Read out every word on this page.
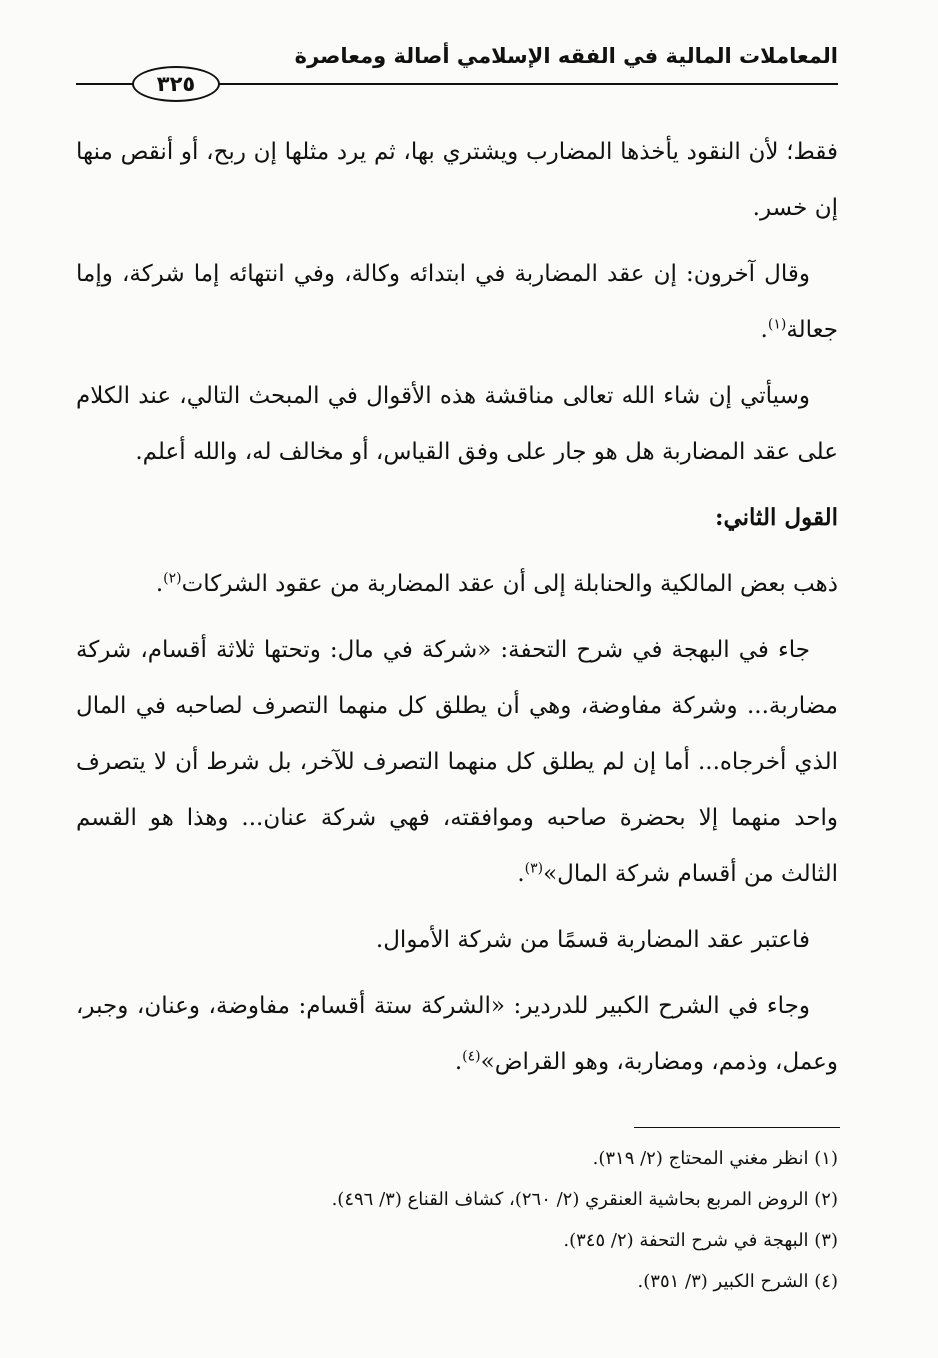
المعاملات المالية في الفقه الإسلامي أصالة ومعاصرة
٣٢٥

فقط؛ لأن النقود يأخذها المضارب ويشتري بها، ثم يرد مثلها إن ربح، أو أنقص منها إن خسر.

وقال آخرون: إن عقد المضاربة في ابتدائه وكالة، وفي انتهائه إما شركة، وإما جعالة$^{(١)}$.

وسيأتي إن شاء الله تعالى مناقشة هذه الأقوال في المبحث التالي، عند الكلام على عقد المضاربة هل هو جار على وفق القياس، أو مخالف له، والله أعلم.

القول الثاني:

ذهب بعض المالكية والحنابلة إلى أن عقد المضاربة من عقود الشركات$^{(٢)}$.

جاء في البهجة في شرح التحفة: «شركة في مال: وتحتها ثلاثة أقسام، شركة مضاربة... وشركة مفاوضة، وهي أن يطلق كل منهما التصرف لصاحبه في المال الذي أخرجاه... أما إن لم يطلق كل منهما التصرف للآخر، بل شرط أن لا يتصرف واحد منهما إلا بحضرة صاحبه وموافقته، فهي شركة عنان... وهذا هو القسم الثالث من أقسام شركة المال»$^{(٣)}$.

فاعتبر عقد المضاربة قسمًا من شركة الأموال.

وجاء في الشرح الكبير للدردير: «الشركة ستة أقسام: مفاوضة، وعنان، وجبر، وعمل، وذمم، ومضاربة، وهو القراض»$^{(٤)}$.

(١) انظر مغني المحتاج (٢/ ٣١٩).
(٢) الروض المربع بحاشية العنقري (٢/ ٢٦٠)، كشاف القناع (٣/ ٤٩٦).
(٣) البهجة في شرح التحفة (٢/ ٣٤٥).
(٤) الشرح الكبير (٣/ ٣٥١).
